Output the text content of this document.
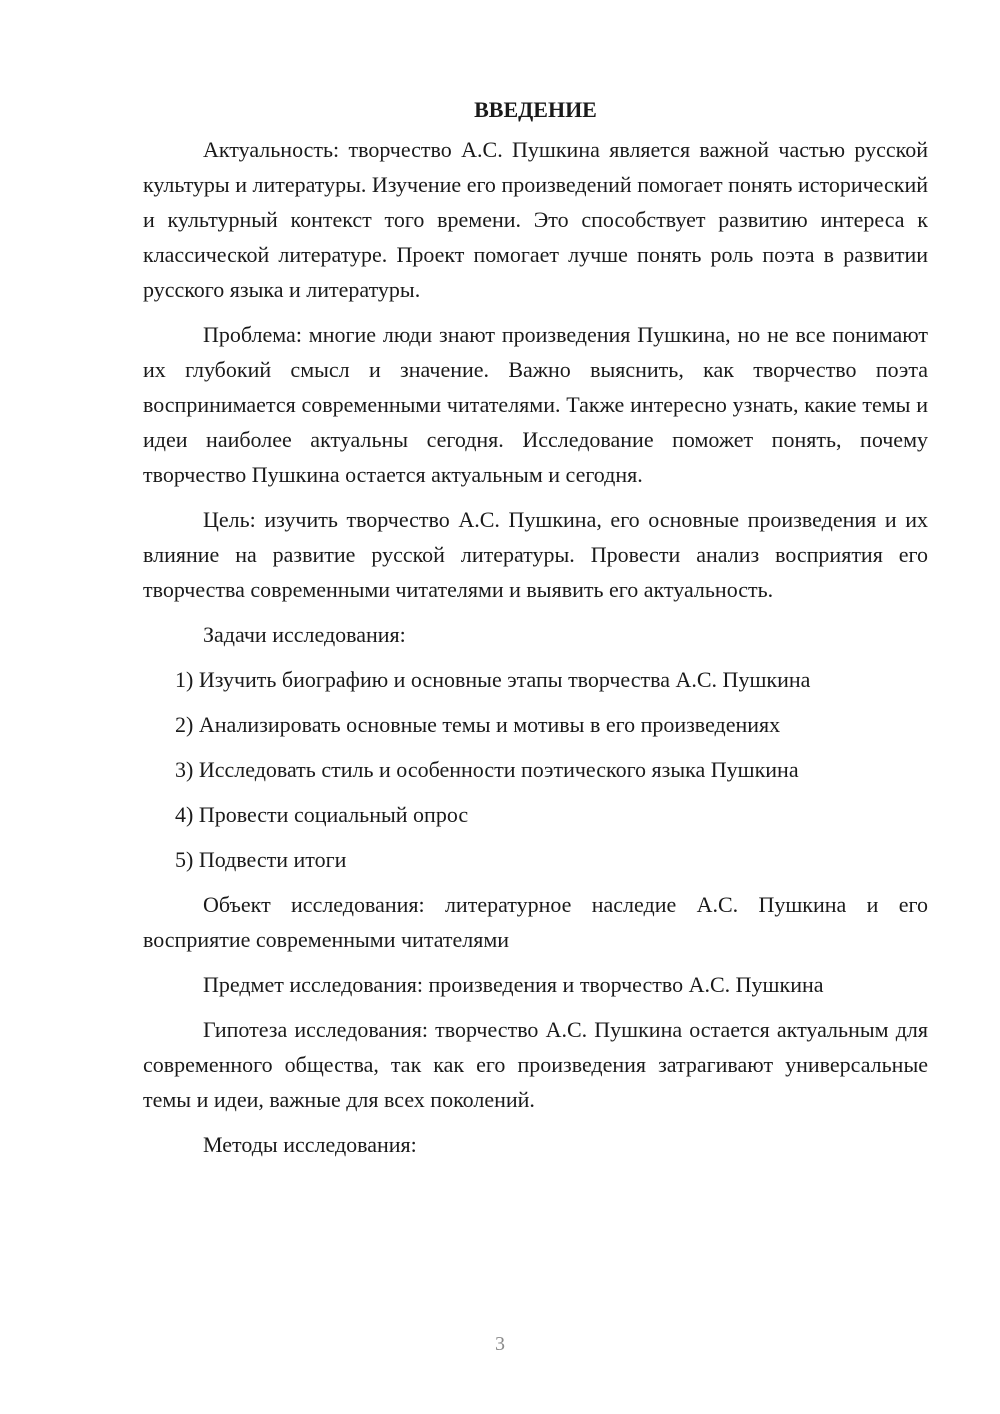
ВВЕДЕНИЕ

Актуальность: творчество А.С. Пушкина является важной частью русской культуры и литературы. Изучение его произведений помогает понять исторический и культурный контекст того времени. Это способствует развитию интереса к классической литературе. Проект помогает лучше понять роль поэта в развитии русского языка и литературы.

Проблема: многие люди знают произведения Пушкина, но не все понимают их глубокий смысл и значение. Важно выяснить, как творчество поэта воспринимается современными читателями. Также интересно узнать, какие темы и идеи наиболее актуальны сегодня. Исследование поможет понять, почему творчество Пушкина остается актуальным и сегодня.

Цель: изучить творчество А.С. Пушкина, его основные произведения и их влияние на развитие русской литературы. Провести анализ восприятия его творчества современными читателями и выявить его актуальность.

Задачи исследования:

1) Изучить биографию и основные этапы творчества А.С. Пушкина
2) Анализировать основные темы и мотивы в его произведениях
3) Исследовать стиль и особенности поэтического языка Пушкина
4) Провести социальный опрос
5) Подвести итоги

Объект исследования: литературное наследие А.С. Пушкина и его восприятие современными читателями

Предмет исследования: произведения и творчество А.С. Пушкина

Гипотеза исследования: творчество А.С. Пушкина остается актуальным для современного общества, так как его произведения затрагивают универсальные темы и идеи, важные для всех поколений.

Методы исследования:

3
